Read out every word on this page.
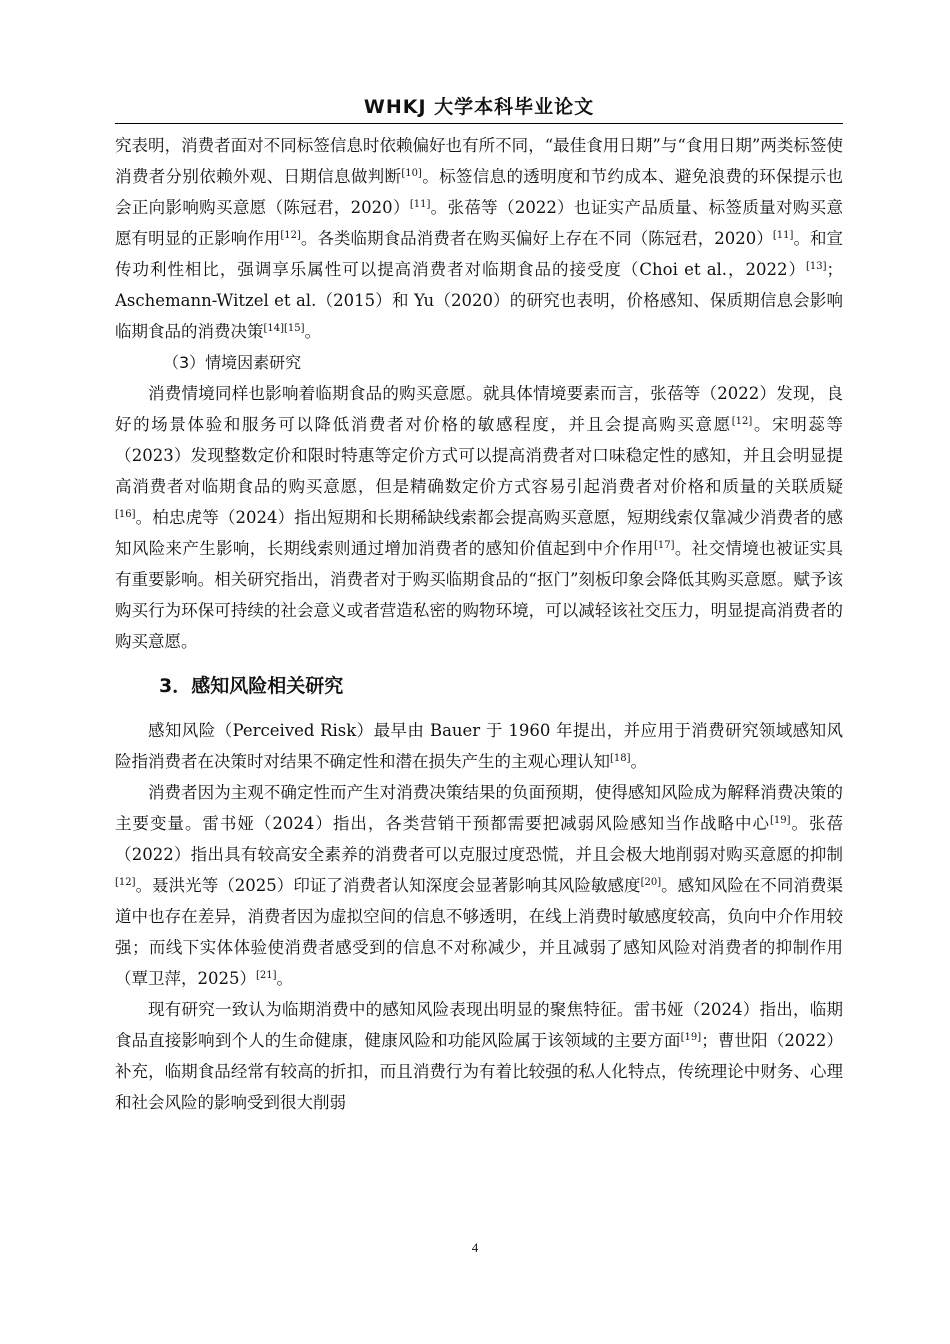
WHKJ 大学本科毕业论文

究表明，消费者面对不同标签信息时依赖偏好也有所不同，“最佳食用日期”与“食用日期”两类标签使消费者分别依赖外观、日期信息做判断[10]。标签信息的透明度和节约成本、避免浪费的环保提示也会正向影响购买意愿（陈冠君，2020）[11]。张蓓等（2022）也证实产品质量、标签质量对购买意愿有明显的正影响作用[12]。各类临期食品消费者在购买偏好上存在不同（陈冠君，2020）[11]。和宣传功利性相比，强调享乐属性可以提高消费者对临期食品的接受度（Choi et al.，2022）[13]；Aschemann-Witzel et al.（2015）和 Yu（2020）的研究也表明，价格感知、保质期信息会影响临期食品的消费决策[14][15]。

（3）情境因素研究

消费情境同样也影响着临期食品的购买意愿。就具体情境要素而言，张蓓等（2022）发现，良好的场景体验和服务可以降低消费者对价格的敏感程度，并且会提高购买意愿[12]。宋明蕊等（2023）发现整数定价和限时特惠等定价方式可以提高消费者对口味稳定性的感知，并且会明显提高消费者对临期食品的购买意愿，但是精确数定价方式容易引起消费者对价格和质量的关联质疑[16]。柏忠虎等（2024）指出短期和长期稀缺线索都会提高购买意愿，短期线索仅靠减少消费者的感知风险来产生影响，长期线索则通过增加消费者的感知价值起到中介作用[17]。社交情境也被证实具有重要影响。相关研究指出，消费者对于购买临期食品的“抠门”刻板印象会降低其购买意愿。赋予该购买行为环保可持续的社会意义或者营造私密的购物环境，可以减轻该社交压力，明显提高消费者的购买意愿。

3．感知风险相关研究

感知风险（Perceived Risk）最早由 Bauer 于 1960 年提出，并应用于消费研究领域感知风险指消费者在决策时对结果不确定性和潜在损失产生的主观心理认知[18]。

消费者因为主观不确定性而产生对消费决策结果的负面预期，使得感知风险成为解释消费决策的主要变量。雷书娅（2024）指出，各类营销干预都需要把减弱风险感知当作战略中心[19]。张蓓（2022）指出具有较高安全素养的消费者可以克服过度恐慌，并且会极大地削弱对购买意愿的抑制[12]。聂洪光等（2025）印证了消费者认知深度会显著影响其风险敏感度[20]。感知风险在不同消费渠道中也存在差异，消费者因为虚拟空间的信息不够透明，在线上消费时敏感度较高，负向中介作用较强；而线下实体体验使消费者感受到的信息不对称减少，并且减弱了感知风险对消费者的抑制作用（覃卫萍，2025）[21]。

现有研究一致认为临期消费中的感知风险表现出明显的聚焦特征。雷书娅（2024）指出，临期食品直接影响到个人的生命健康，健康风险和功能风险属于该领域的主要方面[19]；曹世阳（2022）补充，临期食品经常有较高的折扣，而且消费行为有着比较强的私人化特点，传统理论中财务、心理和社会风险的影响受到很大削弱

4
